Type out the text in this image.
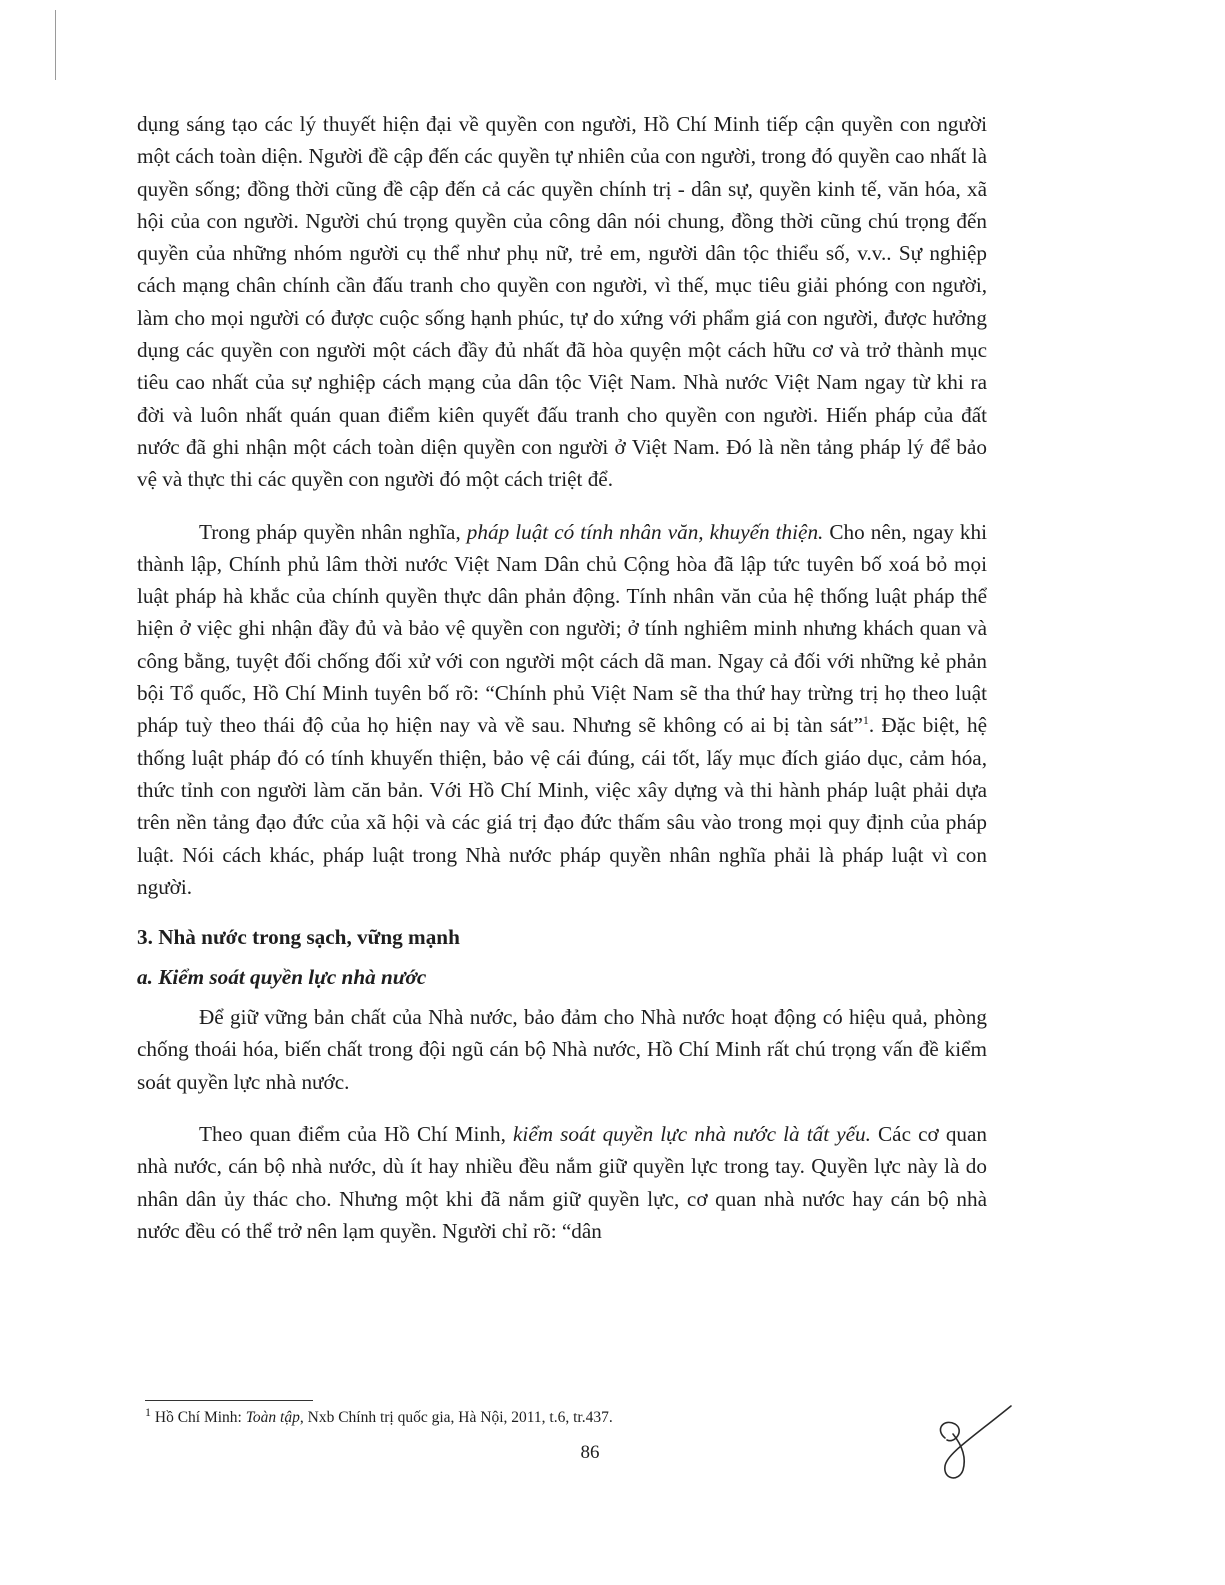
dụng sáng tạo các lý thuyết hiện đại về quyền con người, Hồ Chí Minh tiếp cận quyền con người một cách toàn diện. Người đề cập đến các quyền tự nhiên của con người, trong đó quyền cao nhất là quyền sống; đồng thời cũng đề cập đến cả các quyền chính trị - dân sự, quyền kinh tế, văn hóa, xã hội của con người. Người chú trọng quyền của công dân nói chung, đồng thời cũng chú trọng đến quyền của những nhóm người cụ thể như phụ nữ, trẻ em, người dân tộc thiểu số, v.v.. Sự nghiệp cách mạng chân chính cần đấu tranh cho quyền con người, vì thế, mục tiêu giải phóng con người, làm cho mọi người có được cuộc sống hạnh phúc, tự do xứng với phẩm giá con người, được hưởng dụng các quyền con người một cách đầy đủ nhất đã hòa quyện một cách hữu cơ và trở thành mục tiêu cao nhất của sự nghiệp cách mạng của dân tộc Việt Nam. Nhà nước Việt Nam ngay từ khi ra đời và luôn nhất quán quan điểm kiên quyết đấu tranh cho quyền con người. Hiến pháp của đất nước đã ghi nhận một cách toàn diện quyền con người ở Việt Nam. Đó là nền tảng pháp lý để bảo vệ và thực thi các quyền con người đó một cách triệt để.

Trong pháp quyền nhân nghĩa, pháp luật có tính nhân văn, khuyến thiện. Cho nên, ngay khi thành lập, Chính phủ lâm thời nước Việt Nam Dân chủ Cộng hòa đã lập tức tuyên bố xoá bỏ mọi luật pháp hà khắc của chính quyền thực dân phản động. Tính nhân văn của hệ thống luật pháp thể hiện ở việc ghi nhận đầy đủ và bảo vệ quyền con người; ở tính nghiêm minh nhưng khách quan và công bằng, tuyệt đối chống đối xử với con người một cách dã man. Ngay cả đối với những kẻ phản bội Tổ quốc, Hồ Chí Minh tuyên bố rõ: “Chính phủ Việt Nam sẽ tha thứ hay trừng trị họ theo luật pháp tuỳ theo thái độ của họ hiện nay và về sau. Nhưng sẽ không có ai bị tàn sát”$^1$. Đặc biệt, hệ thống luật pháp đó có tính khuyến thiện, bảo vệ cái đúng, cái tốt, lấy mục đích giáo dục, cảm hóa, thức tỉnh con người làm căn bản. Với Hồ Chí Minh, việc xây dựng và thi hành pháp luật phải dựa trên nền tảng đạo đức của xã hội và các giá trị đạo đức thấm sâu vào trong mọi quy định của pháp luật. Nói cách khác, pháp luật trong Nhà nước pháp quyền nhân nghĩa phải là pháp luật vì con người.

3. Nhà nước trong sạch, vững mạnh
a. Kiểm soát quyền lực nhà nước

Để giữ vững bản chất của Nhà nước, bảo đảm cho Nhà nước hoạt động có hiệu quả, phòng chống thoái hóa, biến chất trong đội ngũ cán bộ Nhà nước, Hồ Chí Minh rất chú trọng vấn đề kiểm soát quyền lực nhà nước.

Theo quan điểm của Hồ Chí Minh, kiểm soát quyền lực nhà nước là tất yếu. Các cơ quan nhà nước, cán bộ nhà nước, dù ít hay nhiều đều nắm giữ quyền lực trong tay. Quyền lực này là do nhân dân ủy thác cho. Nhưng một khi đã nắm giữ quyền lực, cơ quan nhà nước hay cán bộ nhà nước đều có thể trở nên lạm quyền. Người chỉ rõ: “dân

$^1$ Hồ Chí Minh: Toàn tập, Nxb Chính trị quốc gia, Hà Nội, 2011, t.6, tr.437.

86
